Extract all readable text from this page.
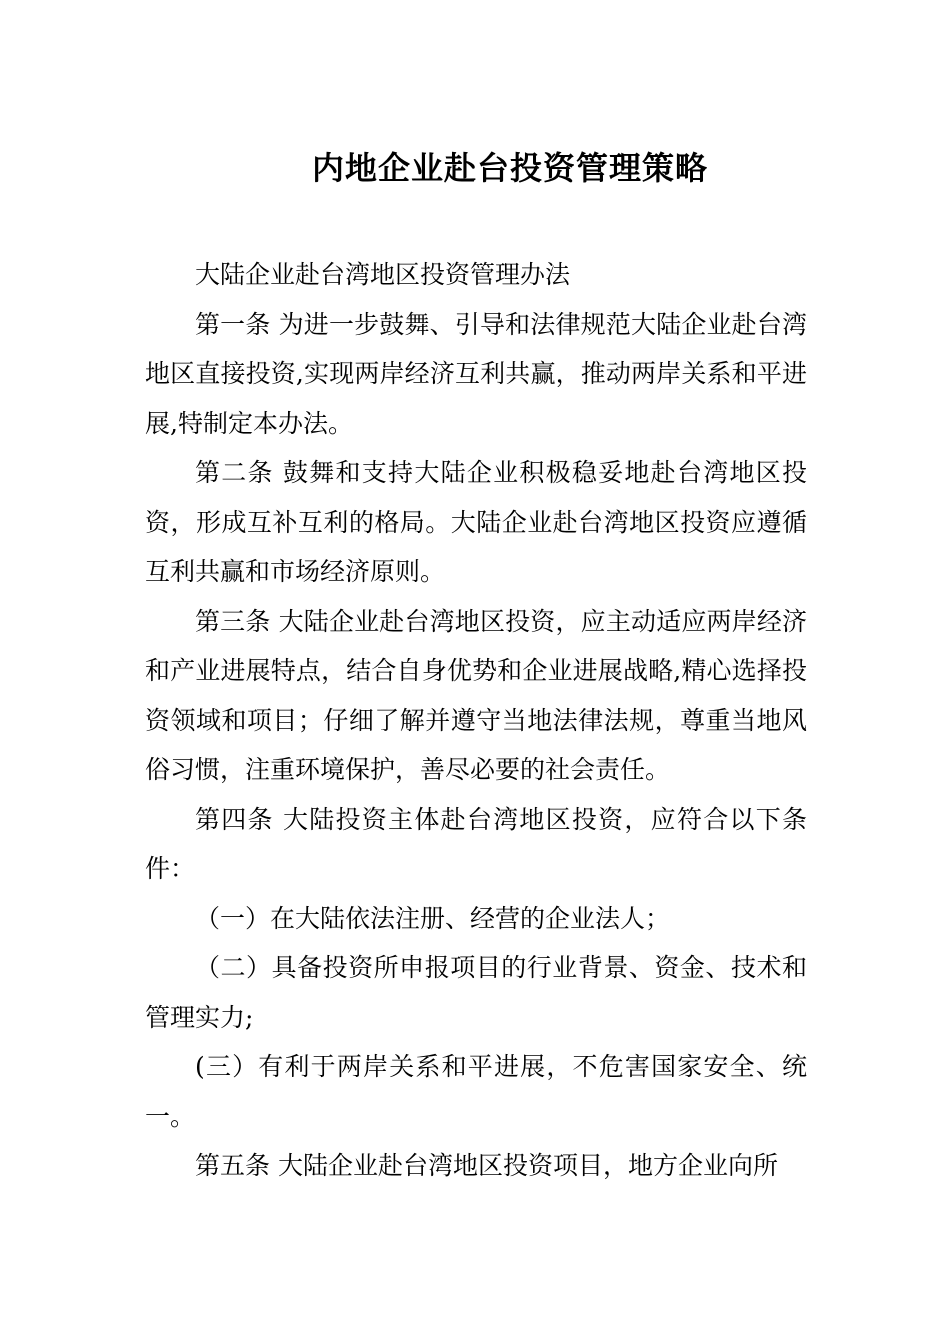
内地企业赴台投资管理策略

大陆企业赴台湾地区投资管理办法

第一条 为进一步鼓舞、引导和法律规范大陆企业赴台湾地区直接投资,实现两岸经济互利共赢，推动两岸关系和平进展,特制定本办法。

第二条 鼓舞和支持大陆企业积极稳妥地赴台湾地区投资，形成互补互利的格局。大陆企业赴台湾地区投资应遵循互利共赢和市场经济原则。

第三条 大陆企业赴台湾地区投资，应主动适应两岸经济和产业进展特点，结合自身优势和企业进展战略,精心选择投资领域和项目；仔细了解并遵守当地法律法规，尊重当地风俗习惯，注重环境保护，善尽必要的社会责任。

第四条 大陆投资主体赴台湾地区投资，应符合以下条件：

（一）在大陆依法注册、经营的企业法人；

（二）具备投资所申报项目的行业背景、资金、技术和管理实力;

(三）有利于两岸关系和平进展，不危害国家安全、统一。

第五条 大陆企业赴台湾地区投资项目，地方企业向所
